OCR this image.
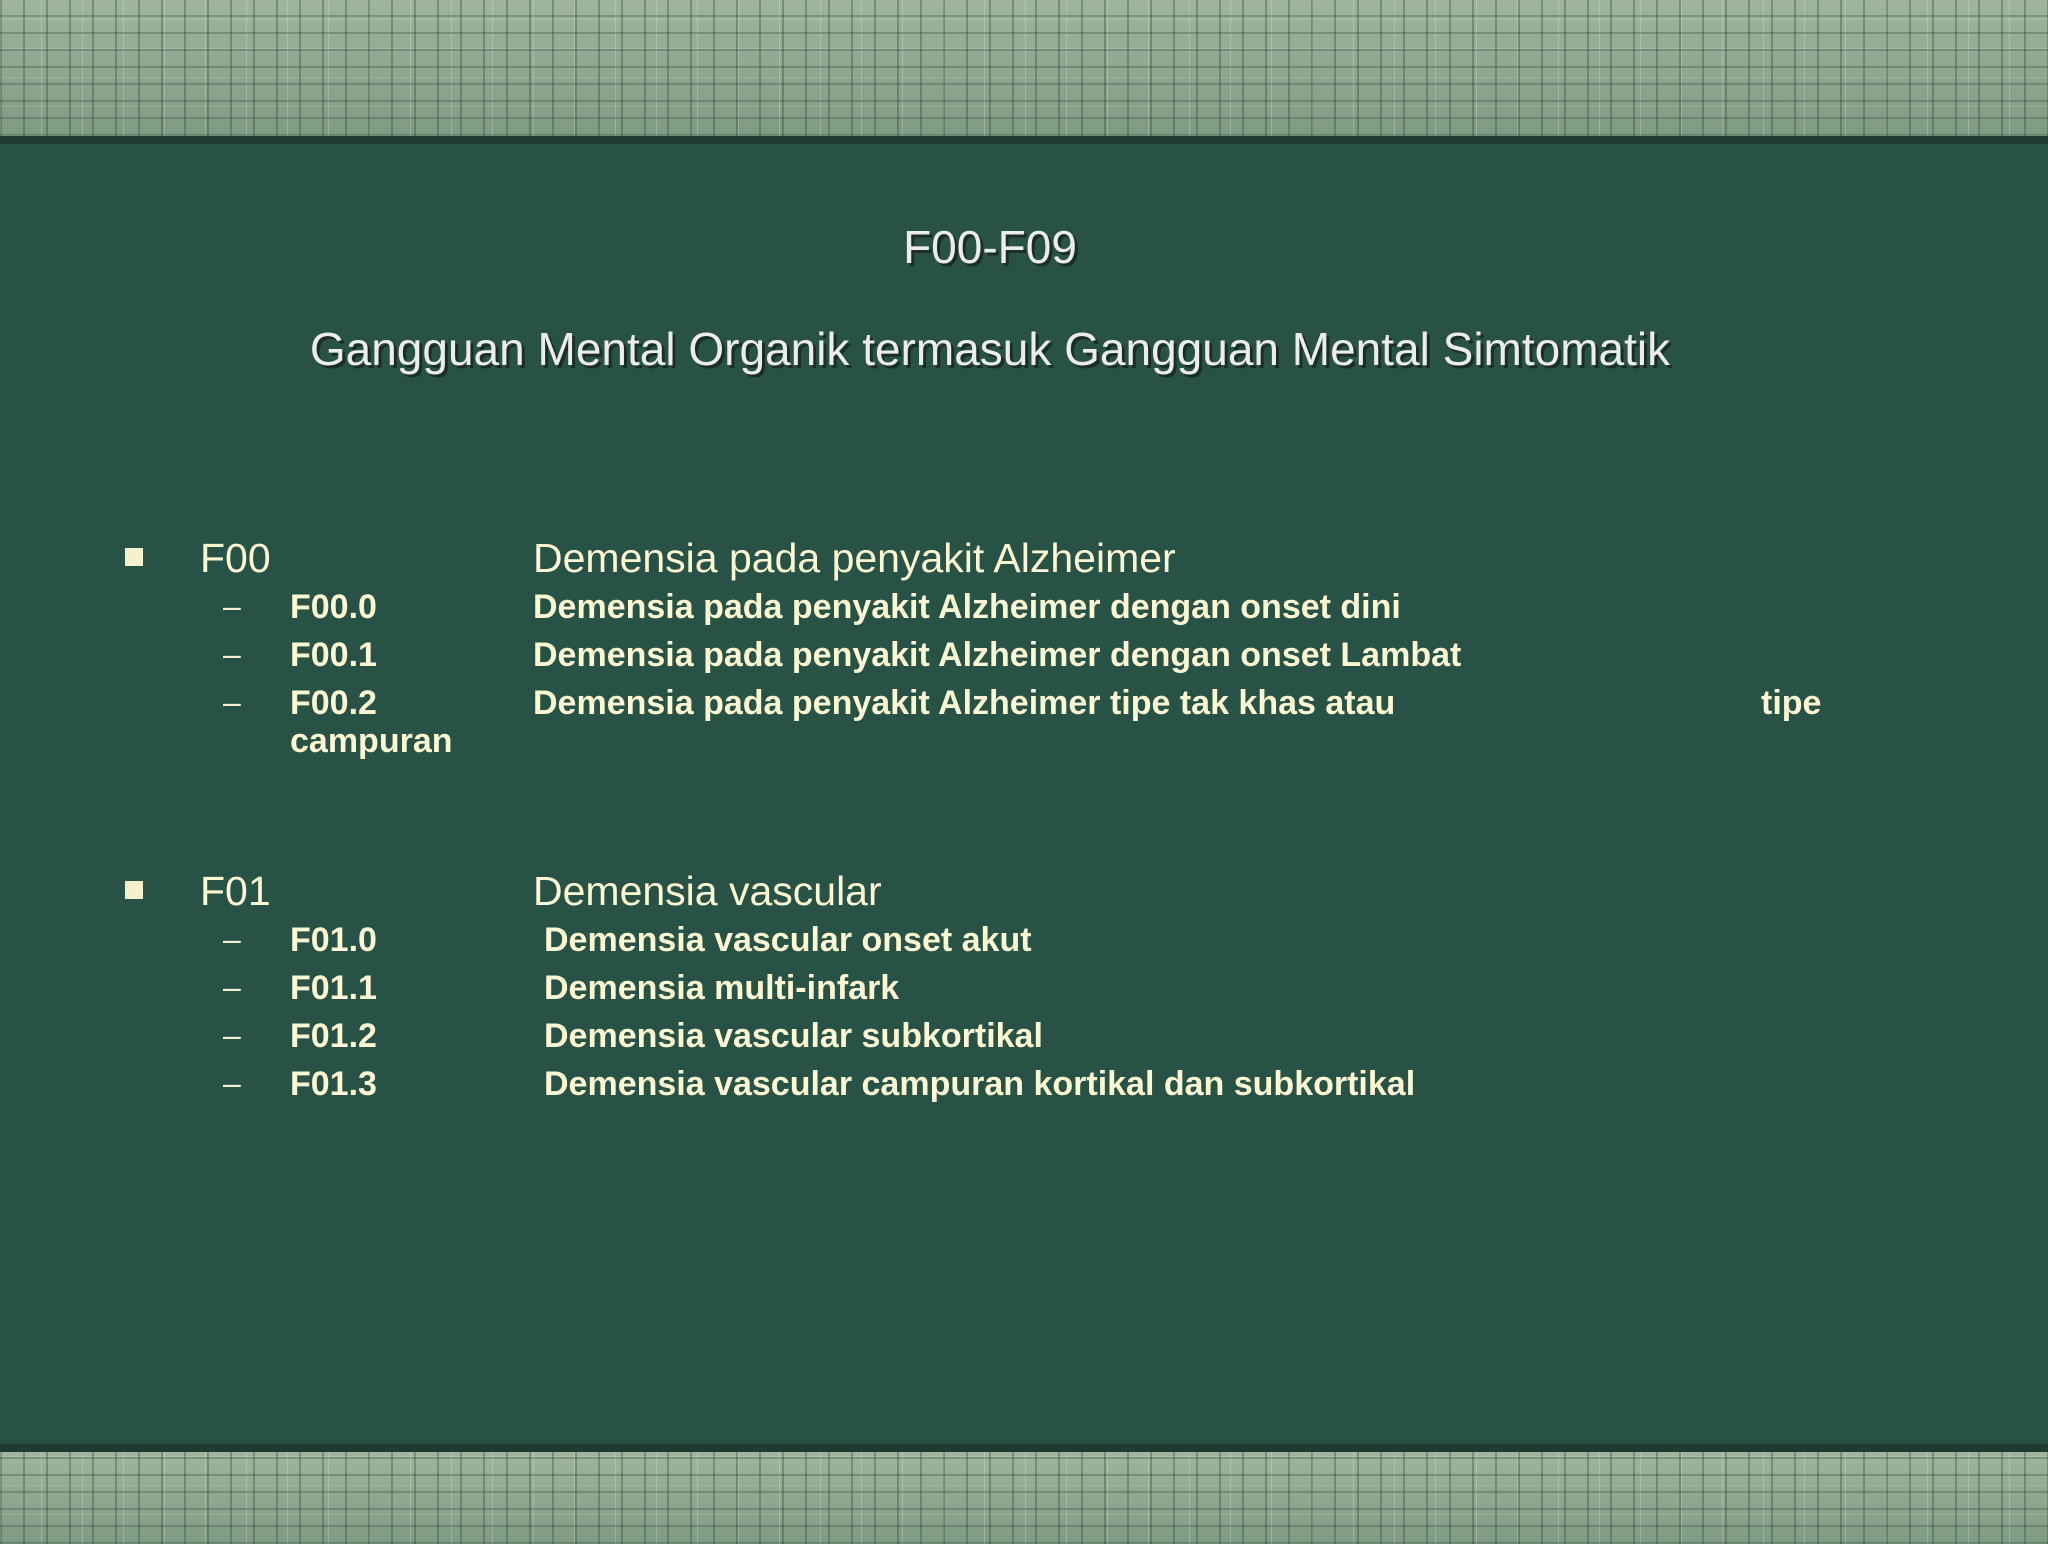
F00-F09
Gangguan Mental Organik termasuk Gangguan Mental Simtomatik
F00	Demensia pada penyakit Alzheimer
– F00.0	Demensia pada penyakit Alzheimer dengan onset dini
– F00.1	Demensia pada penyakit Alzheimer dengan onset Lambat
– F00.2	Demensia pada penyakit Alzheimer tipe tak khas atau	tipe
campuran
F01	Demensia vascular
– F01.0	Demensia vascular onset akut
– F01.1	Demensia multi-infark
– F01.2	Demensia vascular subkortikal
– F01.3	Demensia vascular campuran kortikal dan subkortikal
